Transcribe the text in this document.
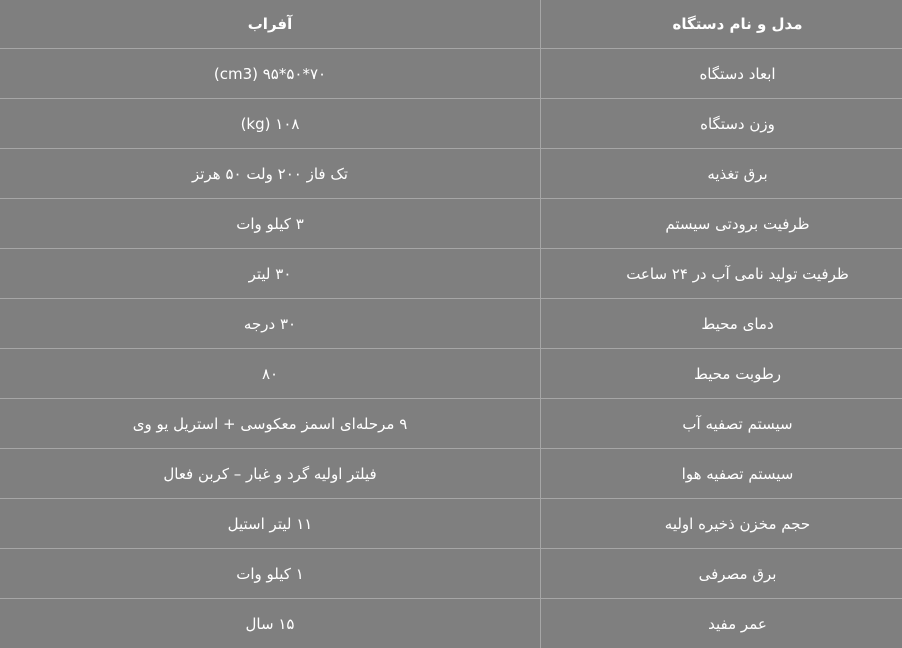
مدل و نام دستگاه	آفراب
ابعاد دستگاه	۷۰*۵۰*۹۵ (cm3)
وزن دستگاه	۱۰۸ (kg)
برق تغذیه	تک فاز ۲۰۰ ولت ۵۰ هرتز
ظرفیت برودتی سیستم	۳ کیلو وات
ظرفیت تولید نامی آب در ۲۴ ساعت	۳۰ لیتر
دمای محیط	۳۰ درجه
رطوبت محیط	۸۰
سیستم تصفیه آب	۹ مرحله‌ای اسمز معکوسی + استریل یو وی
سیستم تصفیه هوا	فیلتر اولیه گرد و غبار – کربن فعال
حجم مخزن ذخیره اولیه	۱۱ لیتر استیل
برق مصرفی	۱ کیلو وات
عمر مفید	۱۵ سال
